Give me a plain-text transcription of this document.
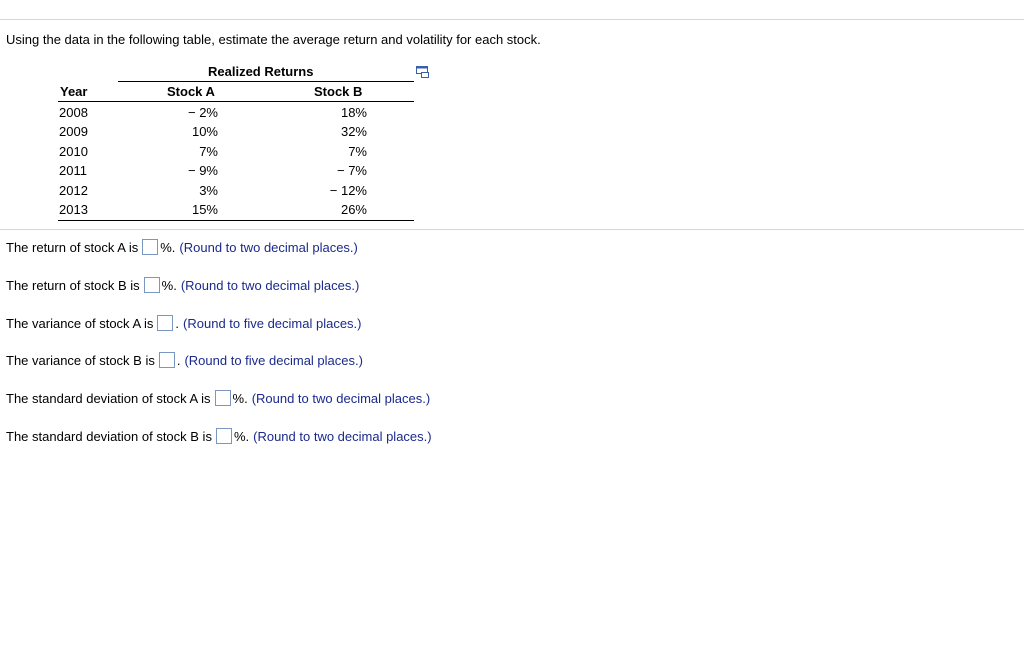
Using the data in the following table, estimate the average return and volatility for each stock.
Realized Returns
Year	Stock A	Stock B
2008	− 2%	18%
2009	10%	32%
2010	7%	7%
2011	− 9%	− 7%
2012	3%	− 12%
2013	15%	26%
The return of stock A is %. (Round to two decimal places.)
The return of stock B is %. (Round to two decimal places.)
The variance of stock A is . (Round to five decimal places.)
The variance of stock B is . (Round to five decimal places.)
The standard deviation of stock A is %. (Round to two decimal places.)
The standard deviation of stock B is %. (Round to two decimal places.)
